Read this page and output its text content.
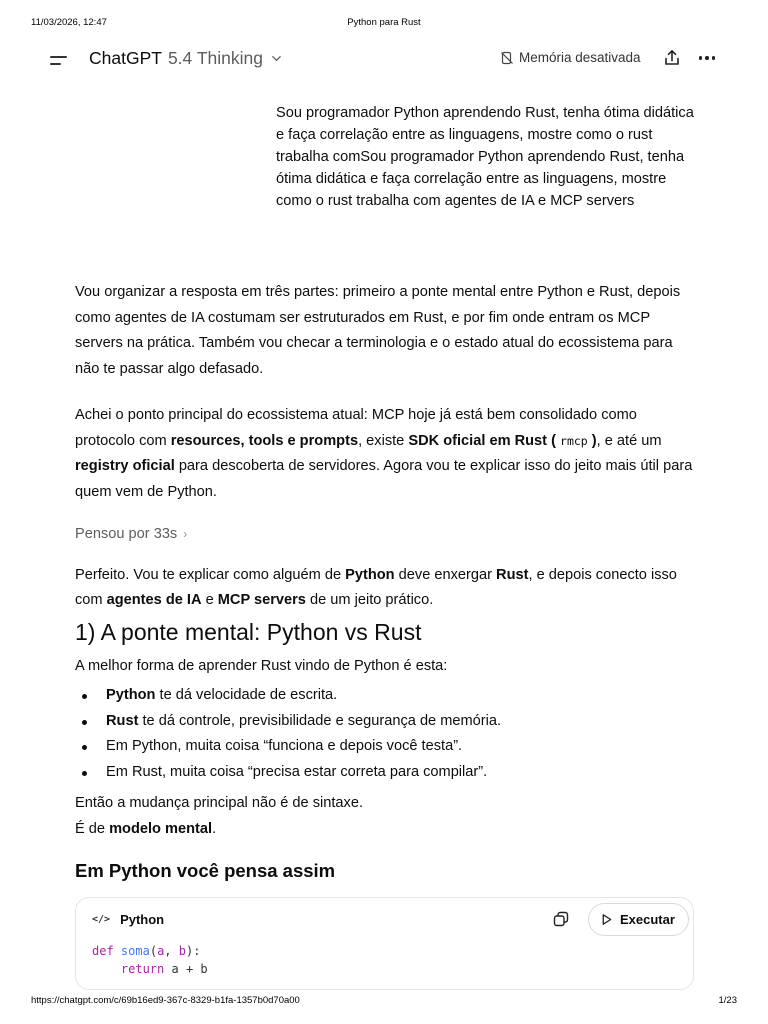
11/03/2026, 12:47	Python para Rust
ChatGPT 5.4 Thinking	Memória desativada
Sou programador Python aprendendo Rust, tenha ótima didática e faça correlação entre as linguagens, mostre como o rust trabalha comSou programador Python aprendendo Rust, tenha ótima didática e faça correlação entre as linguagens, mostre como o rust trabalha com agentes de IA e MCP servers

Vou organizar a resposta em três partes: primeiro a ponte mental entre Python e Rust, depois como agentes de IA costumam ser estruturados em Rust, e por fim onde entram os MCP servers na prática. Também vou checar a terminologia e o estado atual do ecossistema para não te passar algo defasado.

Achei o ponto principal do ecossistema atual: MCP hoje já está bem consolidado como protocolo com resources, tools e prompts, existe SDK oficial em Rust ( rmcp ), e até um registry oficial para descoberta de servidores. Agora vou te explicar isso do jeito mais útil para quem vem de Python.

Pensou por 33s ›

Perfeito. Vou te explicar como alguém de Python deve enxergar Rust, e depois conecto isso com agentes de IA e MCP servers de um jeito prático.

1) A ponte mental: Python vs Rust

A melhor forma de aprender Rust vindo de Python é esta:

Python te dá velocidade de escrita.
Rust te dá controle, previsibilidade e segurança de memória.
Em Python, muita coisa “funciona e depois você testa”.
Em Rust, muita coisa “precisa estar correta para compilar”.

Então a mudança principal não é de sintaxe.

É de modelo mental.

Em Python você pensa assim
</> Python	Executar
def soma(a, b):
return a + b
https://chatgpt.com/c/69b16ed9-367c-8329-b1fa-1357b0d70a00	1/23
